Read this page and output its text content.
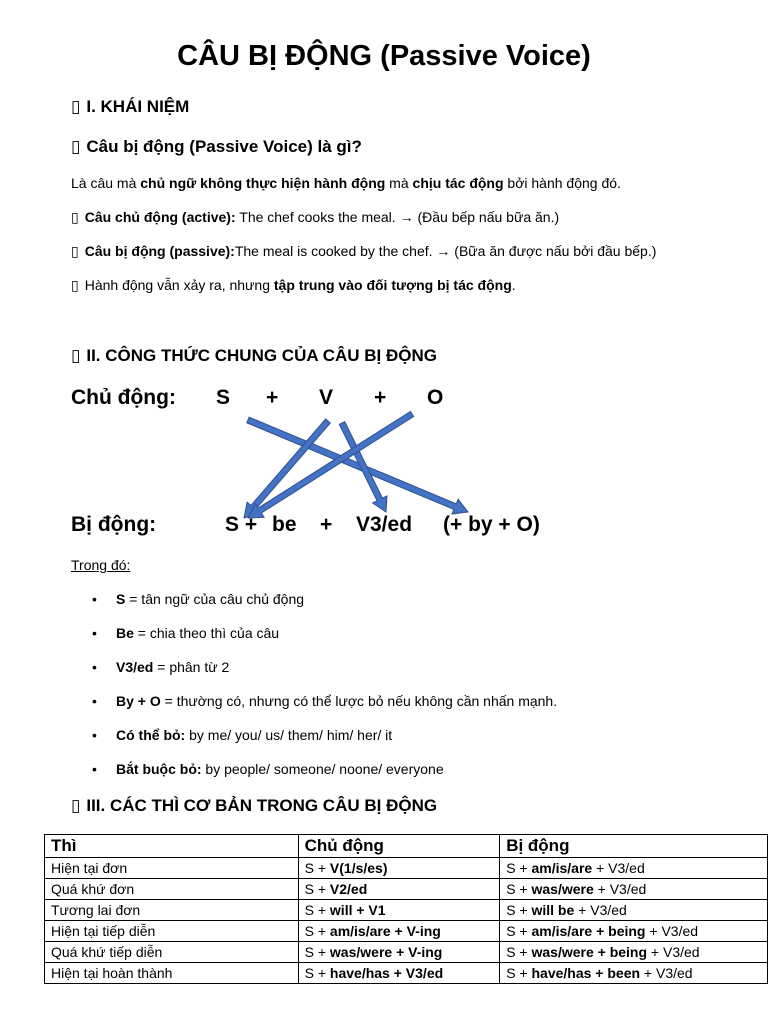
CÂU BỊ ĐỘNG (Passive Voice)
▯ I. KHÁI NIỆM
▯ Câu bị động (Passive Voice) là gì?
Là câu mà chủ ngữ không thực hiện hành động mà chịu tác động bởi hành động đó.
▯ Câu chủ động (active): The chef cooks the meal. → (Đầu bếp nấu bữa ăn.)
▯ Câu bị động (passive):The meal is cooked by the chef. → (Bữa ăn được nấu bởi đầu bếp.)
▯ Hành động vẫn xảy ra, nhưng tập trung vào đối tượng bị tác động.
▯ II. CÔNG THỨC CHUNG CỦA CÂU BỊ ĐỘNG
Chủ động: S + V + O
Bị động:	S + be + V3/ed (+ by + O)
Trong đó:
• S = tân ngữ của câu chủ động
• Be = chia theo thì của câu
• V3/ed = phân từ 2
• By + O = thường có, nhưng có thể lược bỏ nếu không cần nhấn mạnh.
• Có thể bỏ: by me/ you/ us/ them/ him/ her/ it
• Bắt buộc bỏ: by people/ someone/ noone/ everyone
▯ III. CÁC THÌ CƠ BẢN TRONG CÂU BỊ ĐỘNG
Thì	Chủ động	Bị động
Hiện tại đơn	S + V(1/s/es)	S + am/is/are + V3/ed
Quá khứ đơn	S + V2/ed	S + was/were + V3/ed
Tương lai đơn	S + will + V1	S + will be + V3/ed
Hiện tại tiếp diễn	S + am/is/are + V-ing	S + am/is/are + being + V3/ed
Quá khứ tiếp diễn	S + was/were + V-ing	S + was/were + being + V3/ed
Hiện tại hoàn thành	S + have/has + V3/ed	S + have/has + been + V3/ed
